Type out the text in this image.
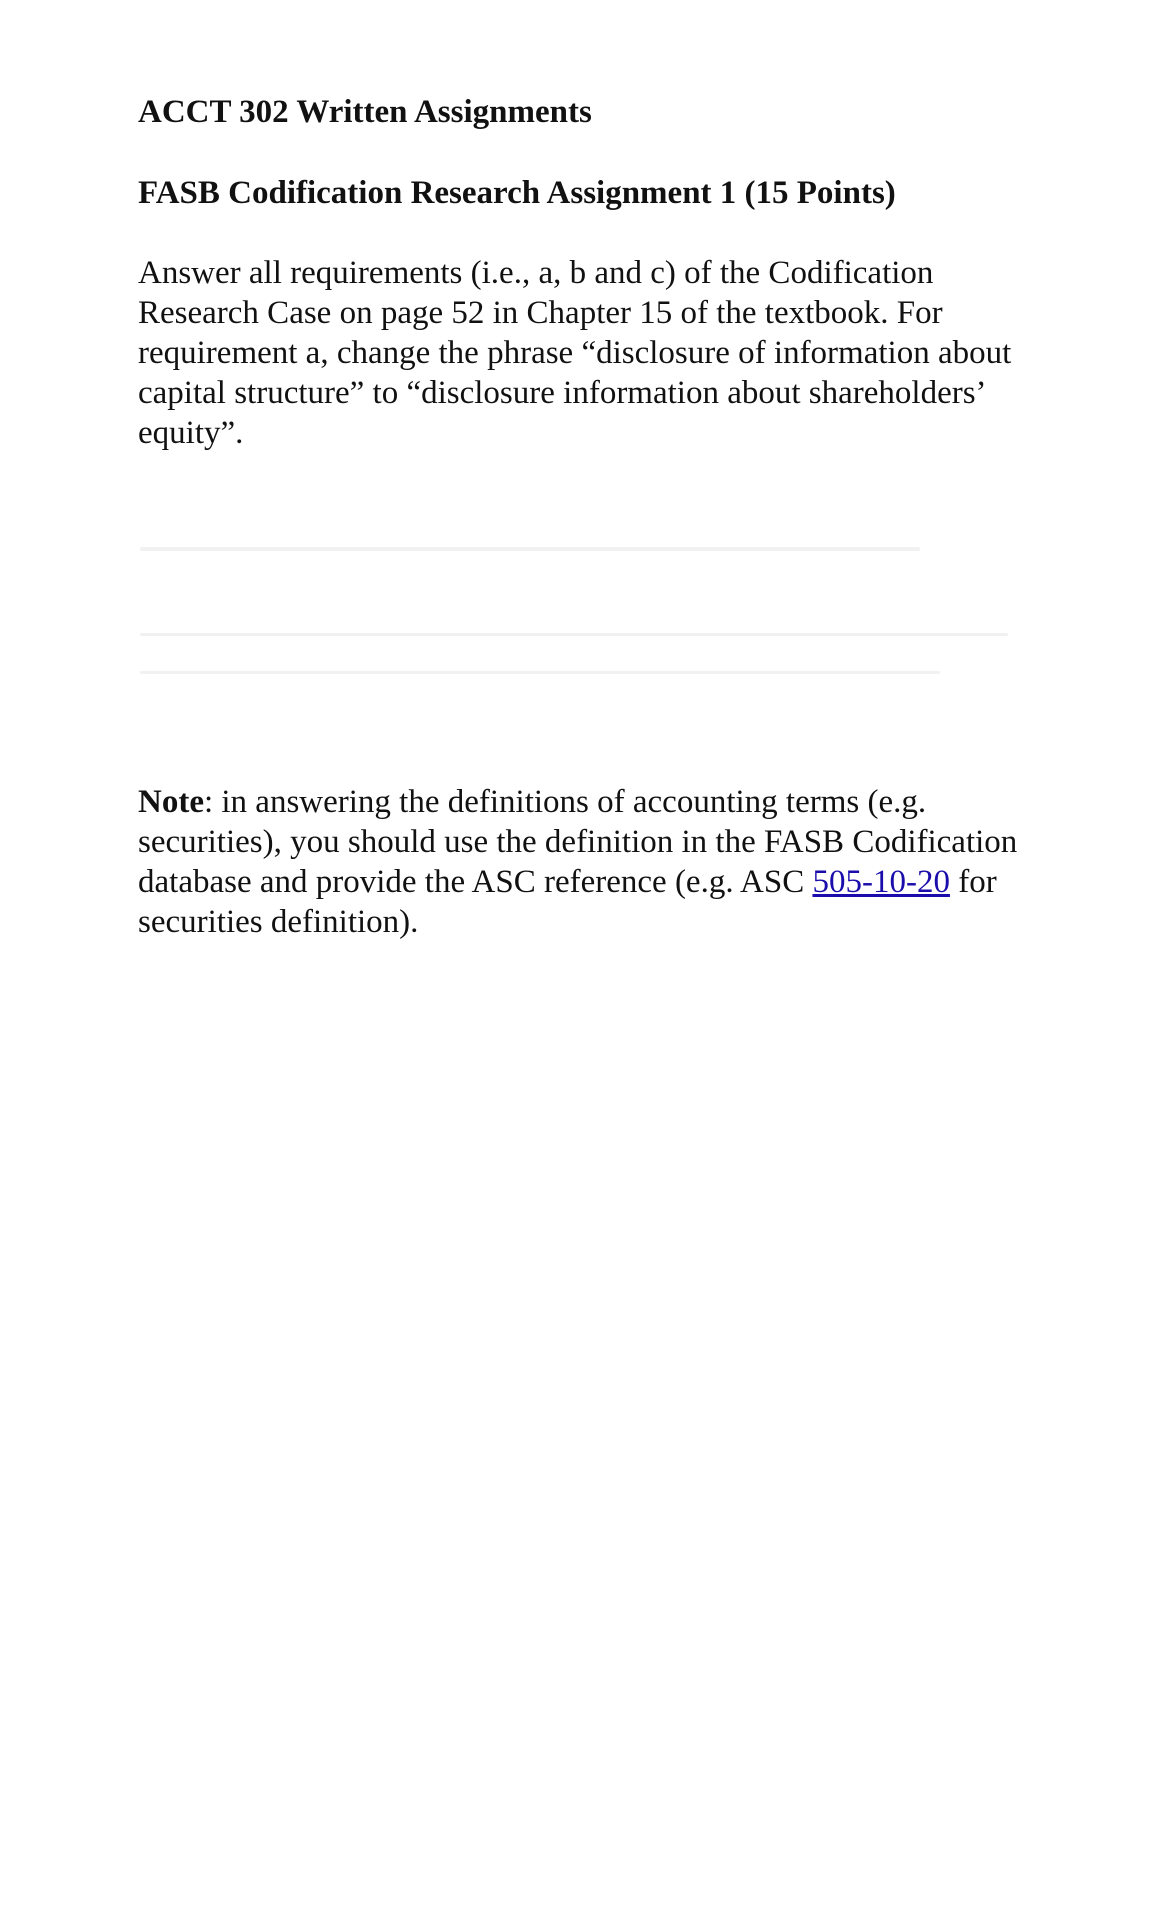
ACCT 302 Written Assignments

FASB Codification Research Assignment 1 (15 Points)

Answer all requirements (i.e., a, b and c) of the Codification Research Case on page 52 in Chapter 15 of the textbook. For requirement a, change the phrase “disclosure of information about capital structure” to “disclosure information about shareholders’ equity”.

Note: in answering the definitions of accounting terms (e.g. securities), you should use the definition in the FASB Codification database and provide the ASC reference (e.g. ASC 505-10-20 for securities definition).
